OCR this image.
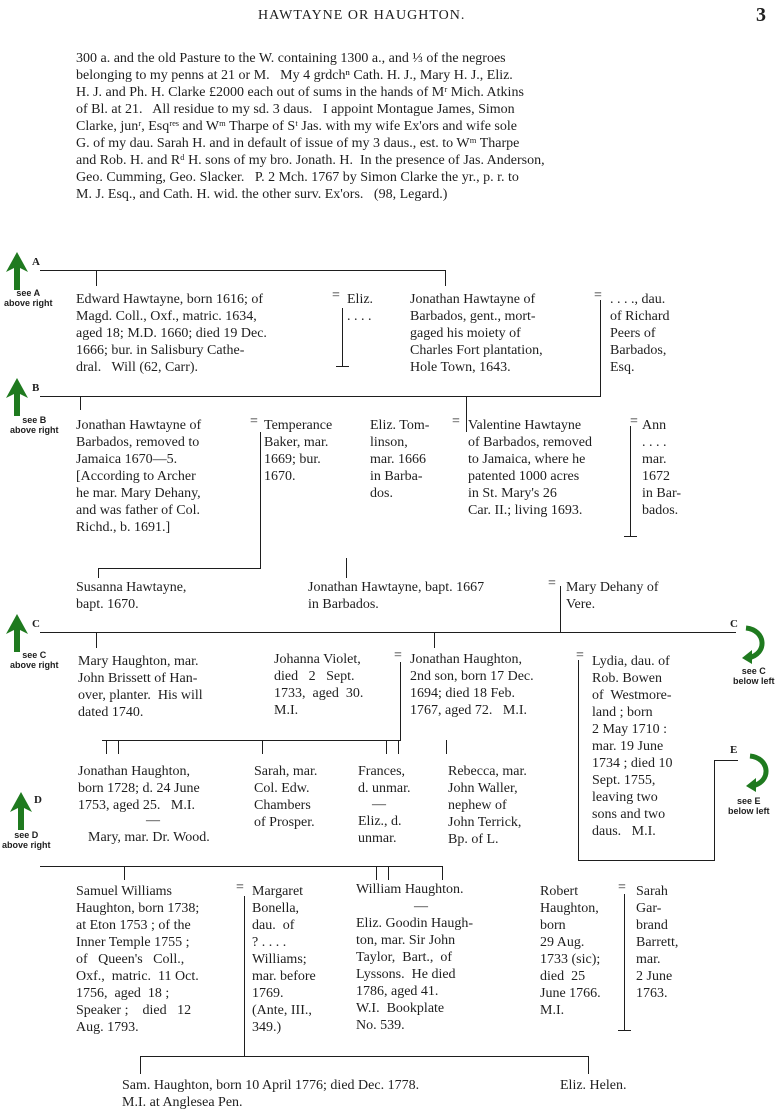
HAWTAYNE OR HAUGHTON.	3
300 a. and the old Pasture to the W. containing 1300 a., and ⅓ of the negroes
belonging to my penns at 21 or M.   My 4 grdchⁿ Cath. H. J., Mary H. J., Eliz.
H. J. and Ph. H. Clarke £2000 each out of sums in the hands of Mʳ Mich. Atkins
of Bl. at 21.   All residue to my sd. 3 daus.   I appoint Montague James, Simon
Clarke, junʳ, Esqʳᵉˢ and Wᵐ Tharpe of Sᵗ Jas. with my wife Ex'ors and wife sole
G. of my dau. Sarah H. and in default of issue of my 3 daus., est. to Wᵐ Tharpe
and Rob. H. and Rᵈ H. sons of my bro. Jonath. H.  In the presence of Jas. Anderson,
Geo. Cumming, Geo. Slacker.   P. 2 Mch. 1767 by Simon Clarke the yr., p. r. to
M. J. Esq., and Cath. H. wid. the other surv. Ex'ors.   (98, Legard.)
see A
above right
A
see B
above right
B
see C
above right
C	C
see C
below left
see D
above right
D
E
see E
below left
Edward Hawtayne, born 1616; of
Magd. Coll., Oxf., matric. 1634,
aged 18; M.D. 1660; died 19 Dec.
1666; bur. in Salisbury Cathe-
dral.   Will (62, Carr).
= Eliz.
. . . .
Jonathan Hawtayne of
Barbados, gent., mort-
gaged his moiety of
Charles Fort plantation,
Hole Town, 1643.
= . . . ., dau.
of Richard
Peers of
Barbados,
Esq.
Jonathan Hawtayne of
Barbados, removed to
Jamaica 1670—5.
[According to Archer
he mar. Mary Dehany,
and was father of Col.
Richd., b. 1691.]
= Temperance
Baker, mar.
1669; bur.
1670.
Eliz. Tom-
linson,
mar. 1666
in Barba-
dos.
= Valentine Hawtayne
of Barbados, removed
to Jamaica, where he
patented 1000 acres
in St. Mary's 26
Car. II.; living 1693.
= Ann
. . . .
mar.
1672
in Bar-
bados.
Susanna Hawtayne,
bapt. 1670.
Jonathan Hawtayne, bapt. 1667
in Barbados.
= Mary Dehany of
Vere.
Mary Haughton, mar.
John Brissett of Han-
over, planter.  His will
dated 1740.
Johanna Violet,
died   2   Sept.
1733,  aged  30.
M.I.
= Jonathan Haughton,
2nd son, born 17 Dec.
1694; died 18 Feb.
1767, aged 72.   M.I.
= Lydia, dau. of
Rob. Bowen
of  Westmore-
land ; born
2 May 1710 :
mar. 19 June
1734 ; died 10
Sept. 1755,
leaving two
sons and two
daus.   M.I.
Jonathan Haughton,
born 1728; d. 24 June
1753, aged 25.   M.I.
—
Mary, mar. Dr. Wood.
Sarah, mar.
Col. Edw.
Chambers
of Prosper.
Frances,
d. unmar.
—
Eliz., d.
unmar.
Rebecca, mar.
John Waller,
nephew of
John Terrick,
Bp. of L.
Samuel Williams
Haughton, born 1738;
at Eton 1753 ; of the
Inner Temple 1755 ;
of   Queen's   Coll.,
Oxf.,  matric.  11 Oct.
1756,  aged  18 ;
Speaker ;    died   12
Aug. 1793.
= Margaret
Bonella,
dau.  of
? . . . .
Williams;
mar. before
1769.
(Ante, III.,
349.)
William Haughton.
—
Eliz. Goodin Haugh-
ton, mar. Sir John
Taylor,  Bart.,  of
Lyssons.  He died
1786, aged 41.
W.I.  Bookplate
No. 539.
Robert
Haughton,
born
29 Aug.
1733 (sic);
died  25
June 1766.
M.I.
= Sarah
Gar-
brand
Barrett,
mar.
2 June
1763.
Sam. Haughton, born 10 April 1776; died Dec. 1778.
M.I. at Anglesea Pen.
Eliz. Helen.
